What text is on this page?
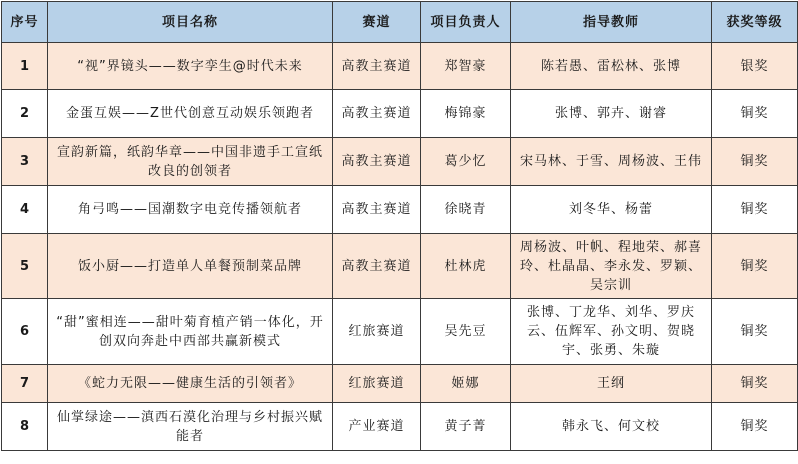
序号	项目名称	赛道	项目负责人	指导教师	获奖等级
1	“视”界镜头——数字孪生@时代未来	高教主赛道	郑智豪	陈若愚、雷松林、张博	银奖
2	金蛋互娱——Z世代创意互动娱乐领跑者	高教主赛道	梅锦豪	张博、郭卉、谢睿	铜奖
3	宣韵新篇，纸韵华章——中国非遗手工宣纸改良的创领者	高教主赛道	葛少忆	宋马林、于雪、周杨波、王伟	铜奖
4	角弓鸣——国潮数字电竞传播领航者	高教主赛道	徐晓青	刘冬华、杨蕾	铜奖
5	饭小厨——打造单人单餐预制菜品牌	高教主赛道	杜林虎	周杨波、叶帆、程地荣、郝喜玲、杜晶晶、李永发、罗颖、吴宗训	铜奖
6	“甜”蜜相连——甜叶菊育植产销一体化，开创双向奔赴中西部共赢新模式	红旅赛道	吴先豆	张博、丁龙华、刘华、罗庆云、伍辉军、孙文明、贺晓宇、张勇、朱璇	铜奖
7	《蛇力无限——健康生活的引领者》	红旅赛道	姬娜	王纲	铜奖
8	仙掌绿途——滇西石漠化治理与乡村振兴赋能者	产业赛道	黄子菁	韩永飞、何文校	铜奖
